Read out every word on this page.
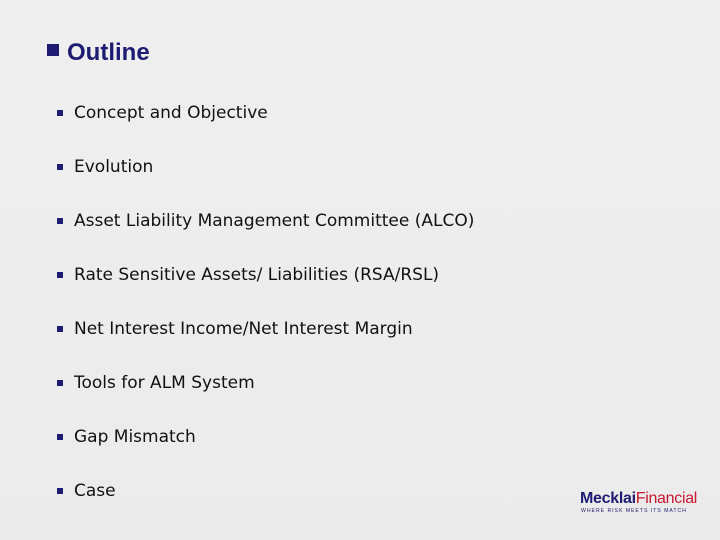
Outline
Concept and Objective
Evolution
Asset Liability Management Committee (ALCO)
Rate Sensitive Assets/ Liabilities (RSA/RSL)
Net Interest Income/Net Interest Margin
Tools for ALM System
Gap Mismatch
Case	MecklaiFinancial
WHERE RISK MEETS ITS MATCH
